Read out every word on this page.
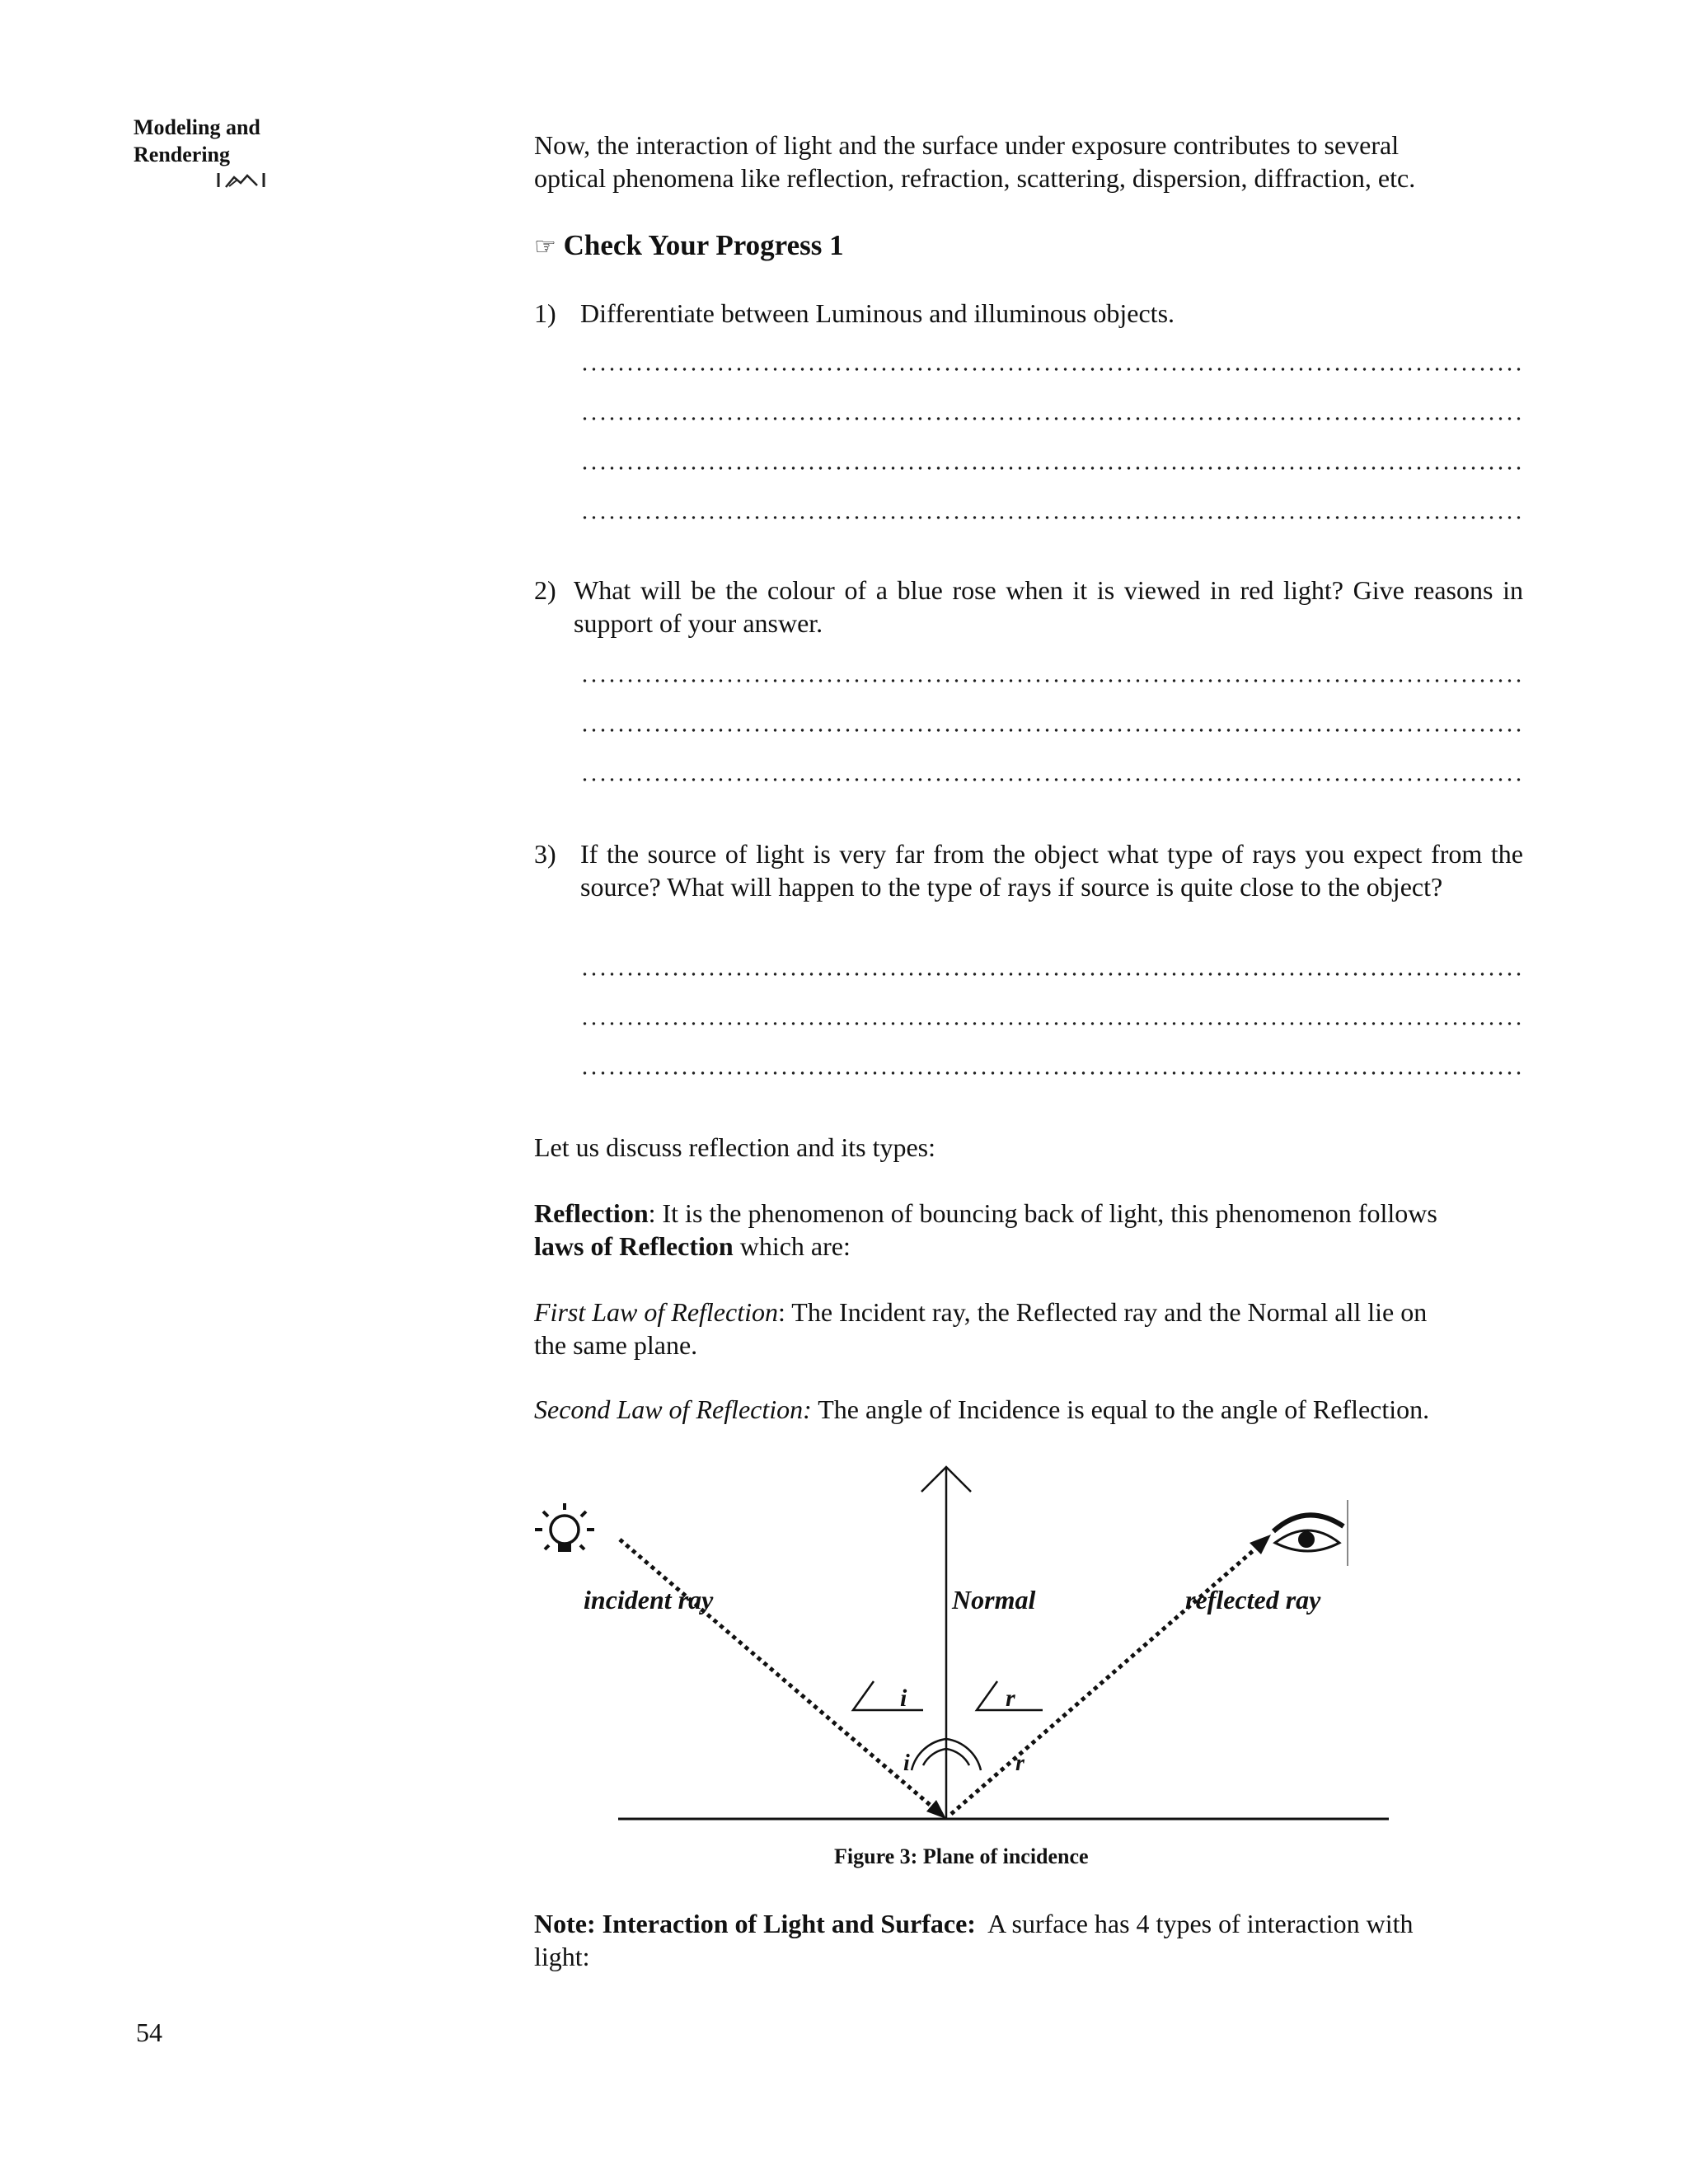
Modeling and
Rendering	Now, the interaction of light and the surface under exposure contributes to several
optical phenomena like reflection, refraction, scattering, dispersion, diffraction, etc.
☞ Check Your Progress 1
1) Differentiate between Luminous and illuminous objects.
2) What will be the colour of a blue rose when it is viewed in red light? Give reasons in support of your answer.
3) If the source of light is very far from the object what type of rays you expect from the source? What will happen to the type of rays if source is quite close to the object?
Let us discuss reflection and its types:
Reflection: It is the phenomenon of bouncing back of light, this phenomenon follows
laws of Reflection which are:
First Law of Reflection: The Incident ray, the Reflected ray and the Normal all lie on
the same plane.
Second Law of Reflection: The angle of Incidence is equal to the angle of Reflection.
incident ray	Normal	reflected ray
i	r
i	r
Figure 3: Plane of incidence
Note: Interaction of Light and Surface:  A surface has 4 types of interaction with
light:
54
